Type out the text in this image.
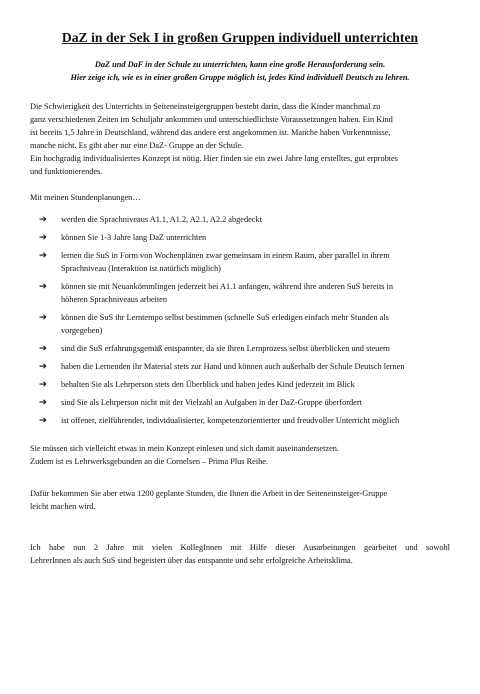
DaZ in der Sek I in großen Gruppen individuell unterrichten
DaZ und DaF in der Schule zu unterrichten, kann eine große Herausforderung sein.
Hier zeige ich, wie es in einer großen Gruppe möglich ist, jedes Kind individuell Deutsch zu lehren.
Die Schwierigkeit des Unterrichts in Seiteneinsteigergruppen besteht darin, dass die Kinder manchmal zu
ganz verschiedenen Zeiten im Schuljahr ankommen und unterschiedlichste Voraussetzungen haben. Ein Kind
ist bereits 1,5 Jahre in Deutschland, während das andere erst angekommen ist. Manche haben Vorkenntnisse,
manche nicht. Es gibt aber nur eine DaZ- Gruppe an der Schule.
Ein hochgradig individualisiertes Konzept ist nötig. Hier finden sie ein zwei Jahre lang erstelltes, gut erprobtes
und funktionierendes.

Mit meinen Stundenplanungen…

➔	werden die Sprachniveaus A1.1, A1.2, A2.1, A2.2 abgedeckt
➔	können Sie 1-3 Jahre lang DaZ unterrichten
➔	lernen die SuS in Form von Wochenplänen zwar gemeinsam in einem Raum, aber parallel in ihrem
Sprachniveau (Interaktion ist natürlich möglich)
➔	können sie mit Neuankömmlingen jederzeit bei A1.1 anfangen, während ihre anderen SuS bereits in
höheren Sprachniveaus arbeiten
➔	können die SuS ihr Lerntempo selbst bestimmen (schnelle SuS erledigen einfach mehr Stunden als
vorgegeben)
➔	sind die SuS erfahrungsgemäß entspannter, da sie ihren Lernprozess selbst überblicken und steuern
➔	haben die Lernenden ihr Material stets zur Hand und können auch außerhalb der Schule Deutsch lernen
➔	behalten Sie als Lehrperson stets den Überblick und haben jedes Kind jederzeit im Blick
➔	sind Sie als Lehrperson nicht mit der Vielzahl an Aufgaben in der DaZ-Gruppe überfordert
➔	ist offener, zielführender, individualisierter, kompetenzorientierter und freudvoller Unterricht möglich
Sie müssen sich vielleicht etwas in mein Konzept einlesen und sich damit auseinandersetzen.
Zudem ist es Lehrwerksgebunden an die Cornelsen – Prima Plus Reihe.
Dafür bekommen Sie aber etwa 1200 geplante Stunden, die Ihnen die Arbeit in der Seiteneinsteiger-Gruppe
leicht machen wird.
Ich habe nun 2 Jahre mit vielen KollegInnen mit Hilfe dieser Ausarbeitungen gearbeitet und sowohl
LehrerInnen als auch SuS sind begeistert über das entspannte und sehr erfolgreiche Arbeitsklima.
